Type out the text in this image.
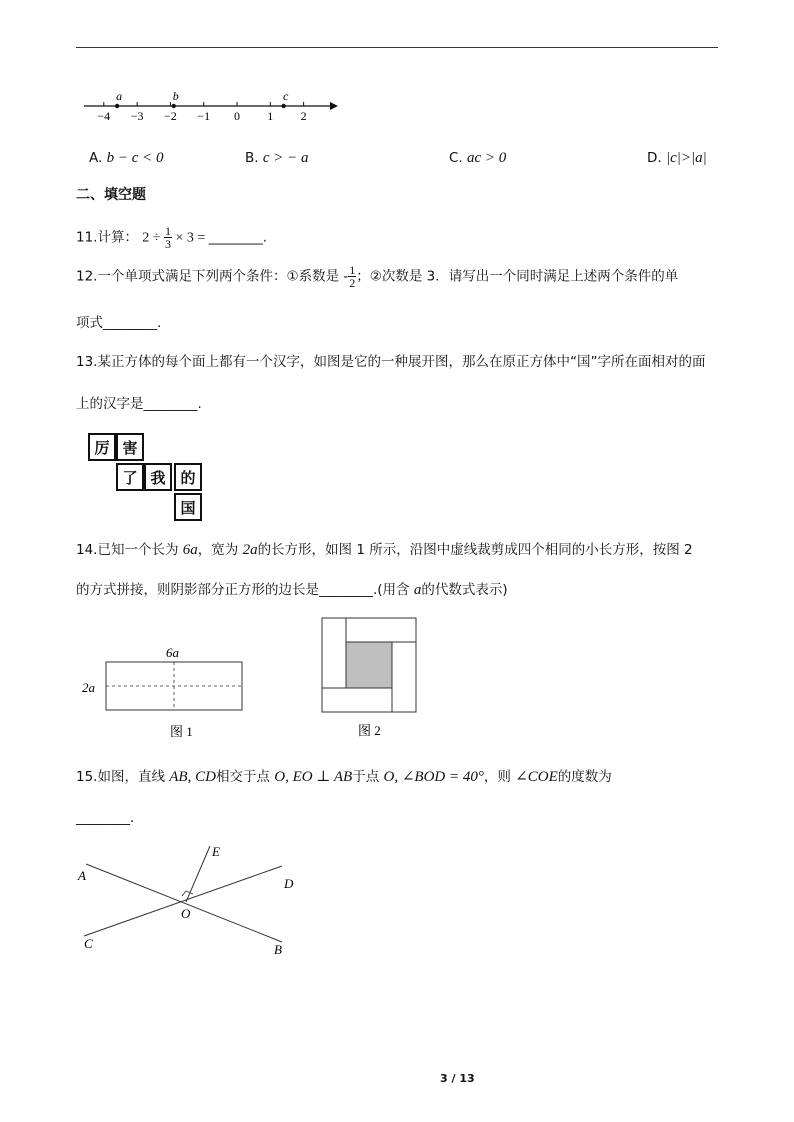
−4 −3 −2 −1 0 1 2
a	b	c
A. b − c < 0	B. c > − a	C. ac > 0	D. |c|>|a|
二、填空题
11.计算： $2 \div \frac{1}{3} \times 3$ = ________.
12.一个单项式满足下列两个条件：①系数是 - $\frac{1}{2}$ ；②次数是 3．请写出一个同时满足上述两个条件的单
项式________.
13.某正方体的每个面上都有一个汉字，如图是它的一种展开图，那么在原正方体中“国”字所在面相对的面
上的汉字是________.
厉 害
了 我 的
国
14.已知一个长为 6a，宽为 2a的长方形，如图 1 所示，沿图中虚线裁剪成四个相同的小长方形，按图 2
的方式拼接，则阴影部分正方形的边长是________.(用含 a的代数式表示)
6a
2a
图 1	图 2
15.如图，直线 AB, CD相交于点 O, EO ⊥ AB于点 O, ∠BOD = 40°，则 ∠COE的度数为
________.
A
B
C
D
E
O
3 / 13
